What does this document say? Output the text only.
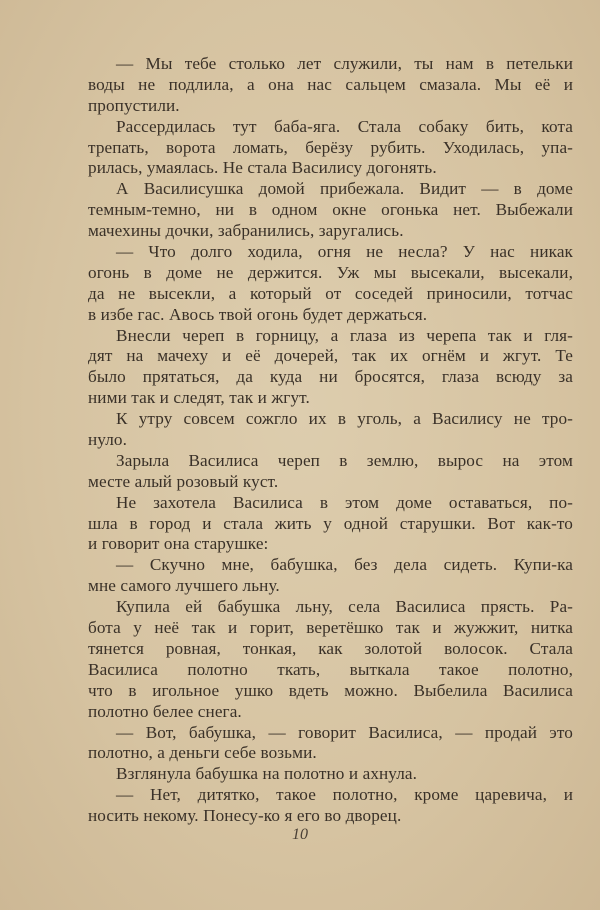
— Мы тебе столько лет служили, ты нам в петельки
воды не подлила, а она нас сальцем смазала. Мы её и
пропустили.
Рассердилась тут баба-яга. Стала собаку бить, кота
трепать, ворота ломать, берёзу рубить. Уходилась, упа-
рилась, умаялась. Не стала Василису догонять.
А Василисушка домой прибежала. Видит — в доме
темным-темно, ни в одном окне огонька нет. Выбежали
мачехины дочки, забранились, заругались.
— Что долго ходила, огня не несла? У нас никак
огонь в доме не держится. Уж мы высекали, высекали,
да не высекли, а который от соседей приносили, тотчас
в избе гас. Авось твой огонь будет держаться.
Внесли череп в горницу, а глаза из черепа так и гля-
дят на мачеху и её дочерей, так их огнём и жгут. Те
было прятаться, да куда ни бросятся, глаза всюду за
ними так и следят, так и жгут.
К утру совсем сожгло их в уголь, а Василису не тро-
нуло.
Зарыла Василиса череп в землю, вырос на этом
месте алый розовый куст.
Не захотела Василиса в этом доме оставаться, по-
шла в город и стала жить у одной старушки. Вот как-то
и говорит она старушке:
— Скучно мне, бабушка, без дела сидеть. Купи-ка
мне самого лучшего льну.
Купила ей бабушка льну, села Василиса прясть. Ра-
бота у неё так и горит, веретёшко так и жужжит, нитка
тянется ровная, тонкая, как золотой волосок. Стала
Василиса полотно ткать, выткала такое полотно,
что в игольное ушко вдеть можно. Выбелила Василиса
полотно белее снега.
— Вот, бабушка, — говорит Василиса, — продай это
полотно, а деньги себе возьми.
Взглянула бабушка на полотно и ахнула.
— Нет, дитятко, такое полотно, кроме царевича, и
носить некому. Понесу-ко я его во дворец.
10
